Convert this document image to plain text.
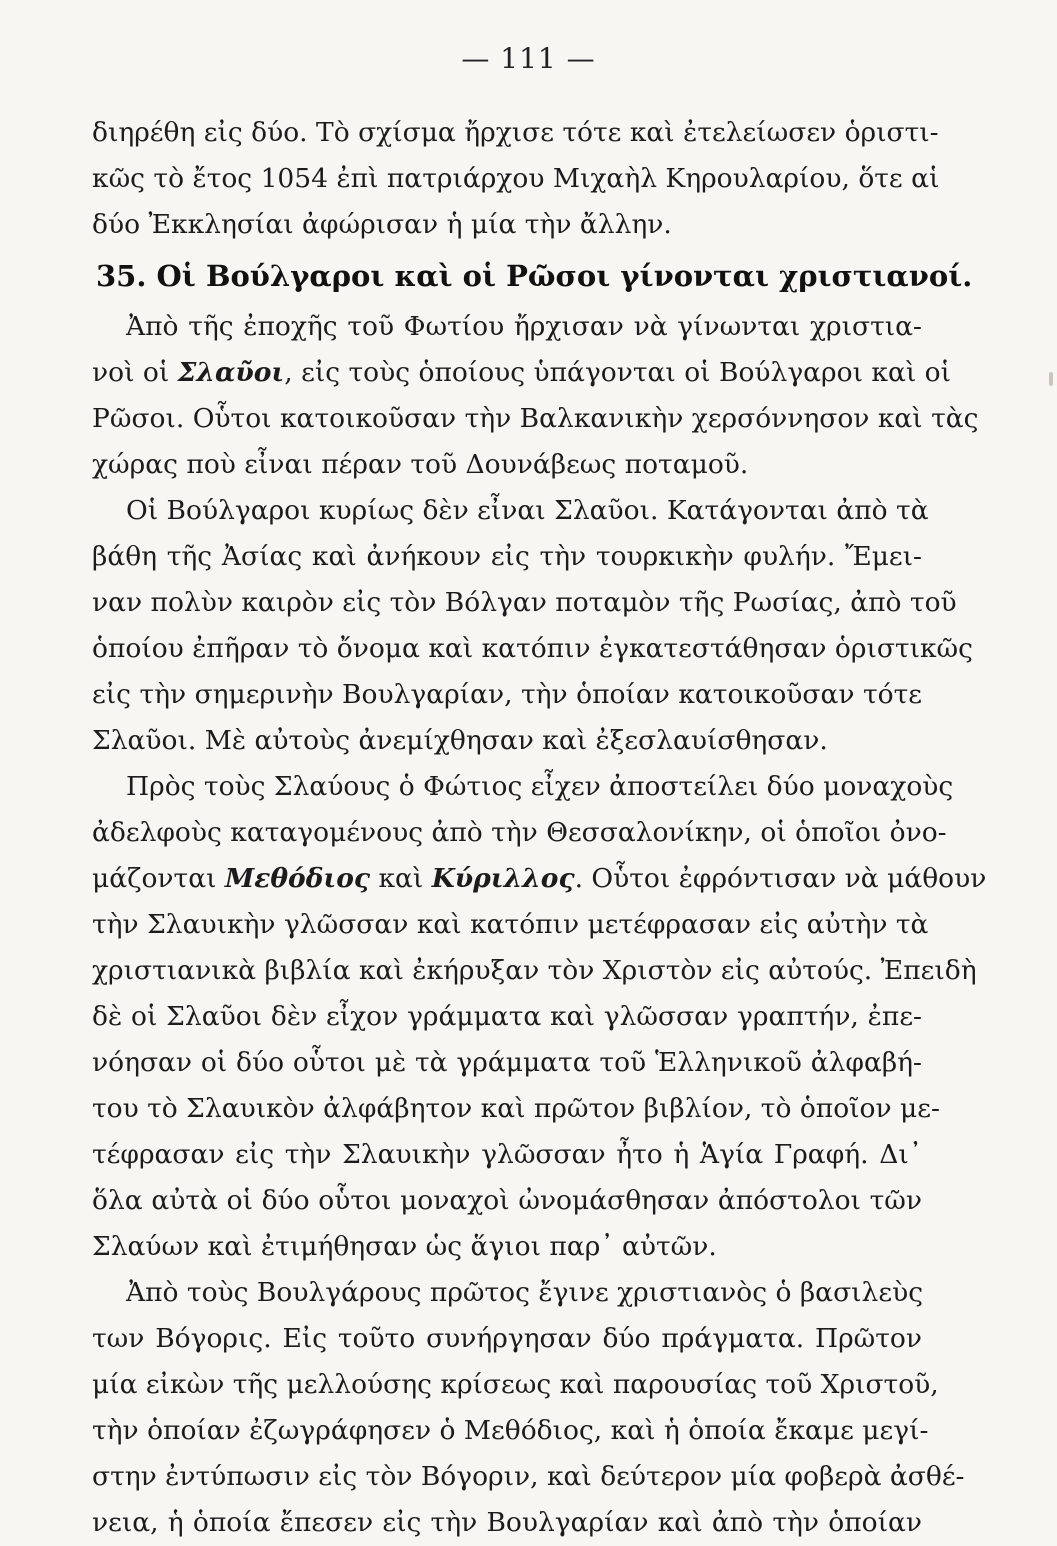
— 111 —
διηρέθη εἰς δύο. Τὸ σχίσμα ἤρχισε τότε καὶ ἐτελείωσεν ὁριστι-
κῶς τὸ ἔτος 1054 ἐπὶ πατριάρχου Μιχαὴλ Κηρουλαρίου, ὅτε αἱ
δύο Ἐκκλησίαι ἀφώρισαν ἡ μία τὴν ἄλλην.
35. Οἱ Βούλγαροι καὶ οἱ Ρῶσοι γίνονται χριστιανοί.
Ἀπὸ τῆς ἐποχῆς τοῦ Φωτίου ἤρχισαν νὰ γίνωνται χριστια-
νοὶ οἱ Σλαῦοι, εἰς τοὺς ὁποίους ὑπάγονται οἱ Βούλγαροι καὶ οἱ
Ρῶσοι. Οὗτοι κατοικοῦσαν τὴν Βαλκανικὴν χερσόννησον καὶ τὰς
χώρας ποὺ εἶναι πέραν τοῦ Δουνάβεως ποταμοῦ.
Οἱ Βούλγαροι κυρίως δὲν εἶναι Σλαῦοι. Κατάγονται ἀπὸ τὰ
βάθη τῆς Ἀσίας καὶ ἀνήκουν εἰς τὴν τουρκικὴν φυλήν. Ἔμει-
ναν πολὺν καιρὸν εἰς τὸν Βόλγαν ποταμὸν τῆς Ρωσίας, ἀπὸ τοῦ
ὁποίου ἐπῆραν τὸ ὄνομα καὶ κατόπιν ἐγκατεστάθησαν ὁριστικῶς
εἰς τὴν σημερινὴν Βουλγαρίαν, τὴν ὁποίαν κατοικοῦσαν τότε
Σλαῦοι. Μὲ αὐτοὺς ἀνεμίχθησαν καὶ ἐξεσλαυίσθησαν.
Πρὸς τοὺς Σλαύους ὁ Φώτιος εἶχεν ἀποστείλει δύο μοναχοὺς
ἀδελφοὺς καταγομένους ἀπὸ τὴν Θεσσαλονίκην, οἱ ὁποῖοι ὀνο-
μάζονται Μεθόδιος καὶ Κύριλλος. Οὗτοι ἐφρόντισαν νὰ μάθουν
τὴν Σλαυικὴν γλῶσσαν καὶ κατόπιν μετέφρασαν εἰς αὐτὴν τὰ
χριστιανικὰ βιβλία καὶ ἐκήρυξαν τὸν Χριστὸν εἰς αὐτούς. Ἐπειδὴ
δὲ οἱ Σλαῦοι δὲν εἶχον γράμματα καὶ γλῶσσαν γραπτήν, ἐπε-
νόησαν οἱ δύο οὗτοι μὲ τὰ γράμματα τοῦ Ἑλληνικοῦ ἀλφαβή-
του τὸ Σλαυικὸν ἀλφάβητον καὶ πρῶτον βιβλίον, τὸ ὁποῖον με-
τέφρασαν εἰς τὴν Σλαυικὴν γλῶσσαν ἦτο ἡ Ἁγία Γραφή. Δι᾽
ὅλα αὐτὰ οἱ δύο οὗτοι μοναχοὶ ὠνομάσθησαν ἀπόστολοι τῶν
Σλαύων καὶ ἐτιμήθησαν ὡς ἅγιοι παρ᾽ αὐτῶν.
Ἀπὸ τοὺς Βουλγάρους πρῶτος ἔγινε χριστιανὸς ὁ βασιλεὺς
των Βόγορις. Εἰς τοῦτο συνήργησαν δύο πράγματα. Πρῶτον
μία εἰκὼν τῆς μελλούσης κρίσεως καὶ παρουσίας τοῦ Χριστοῦ,
τὴν ὁποίαν ἐζωγράφησεν ὁ Μεθόδιος, καὶ ἡ ὁποία ἔκαμε μεγί-
στην ἐντύπωσιν εἰς τὸν Βόγοριν, καὶ δεύτερον μία φοβερὰ ἀσθέ-
νεια, ἡ ὁποία ἔπεσεν εἰς τὴν Βουλγαρίαν καὶ ἀπὸ τὴν ὁποίαν
